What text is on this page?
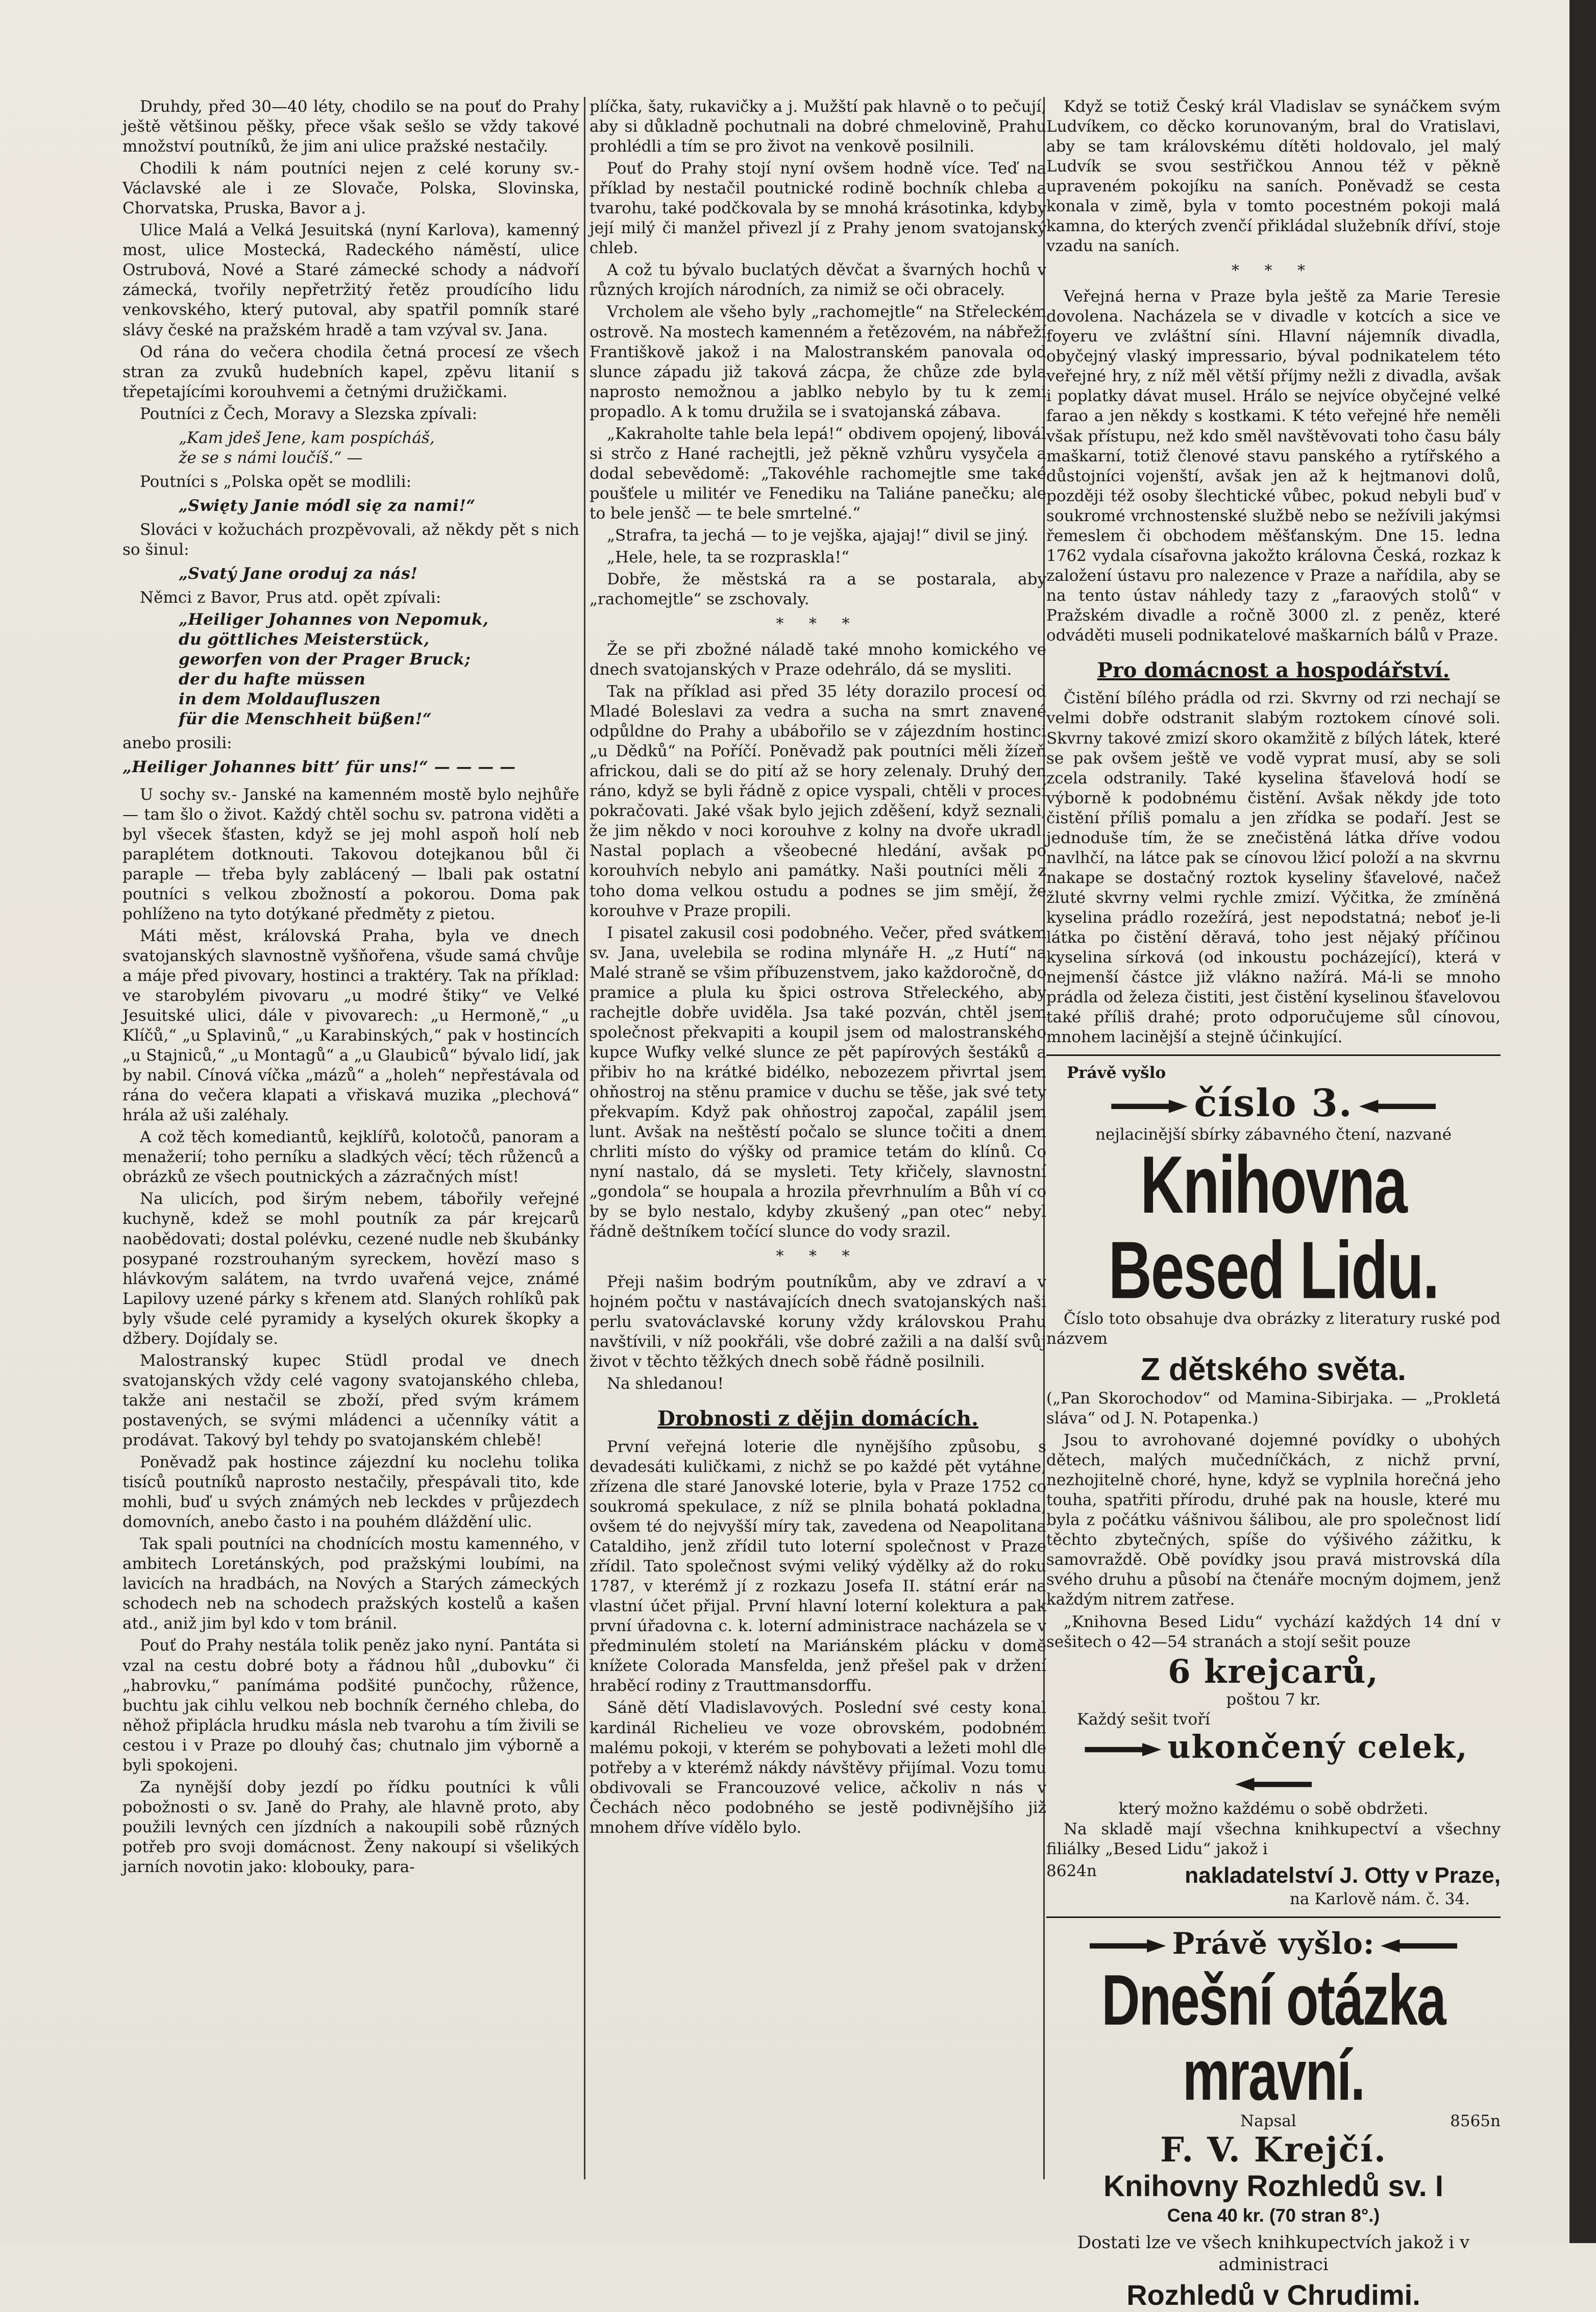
Druhdy, před 30—40 léty, chodilo se na pouť do Prahy ještě většinou pěšky, přece však sešlo se vždy takové množství poutníků, že jim ani ulice pražské nestačily.

Chodili k nám poutníci nejen z celé koruny sv.- Václavské ale i ze Slovače, Polska, Slovinska, Chorvatska, Pruska, Bavor a j.

Ulice Malá a Velká Jesuitská (nyní Karlova), kamenný most, ulice Mostecká, Radeckého náměstí, ulice Ostrubová, Nové a Staré zámecké schody a nádvoří zámecká, tvořily nepřetržitý řetěz proudícího lidu venkovského, který putoval, aby spatřil pomník staré slávy české na pražském hradě a tam vzýval sv. Jana.

Od rána do večera chodila četná procesí ze všech stran za zvuků hudebních kapel, zpěvu litanií s třepetajícími korouhvemi a četnými družičkami.

Poutníci z Čech, Moravy a Slezska zpívali:

„Kam jdeš Jene, kam pospícháš,

že se s námi loučíš.“ —

Poutníci s „Polska opět se modlili:

„Swięty Janie módl się za nami!“

Slováci v kožuchách prozpěvovali, až někdy pět s nich so šinul:

„Svatý Jane oroduj za nás!

Němci z Bavor, Prus atd. opět zpívali:

„Heiliger Johannes von Nepomuk,

du göttliches Meisterstück,

geworfen von der Prager Bruck;

der du hafte müssen

in dem Moldaufluszen

für die Menschheit büßen!“

anebo prosili:

„Heiliger Johannes bitt’ für uns!“ — — — —

U sochy sv.- Janské na kamenném mostě bylo nejhůře — tam šlo o život. Každý chtěl sochu sv. patrona viděti a byl všecek šťasten, když se jej mohl aspoň holí neb paraplétem dotknouti. Takovou dotejkanou bůl či paraple — třeba byly zablácený — lbali pak ostatní poutníci s velkou zbožností a pokorou. Doma pak pohlíženo na tyto dotýkané předměty z pietou.

Máti měst, královská Praha, byla ve dnech svatojanských slavnostně vyšňořena, všude samá chvůje a máje před pivovary, hostinci a traktéry. Tak na příklad: ve starobylém pivovaru „u modré štiky“ ve Velké Jesuitské ulici, dále v pivovarech: „u Hermoně,“ „u Klíčů,“ „u Splavinů,“ „u Karabinských,“ pak v hostincích „u Stajniců,“ „u Montagů“ a „u Glaubiců“ bývalo lidí, jak by nabil. Cínová víčka „mázů“ a „holeh“ nepřestávala od rána do večera klapati a vřiskavá muzika „plechová“ hrála až uši zaléhaly.

A což těch komediantů, kejklířů, kolotočů, panoram a menažerií; toho perníku a sladkých věcí; těch růženců a obrázků ze všech poutnických a zázračných míst!

Na ulicích, pod širým nebem, tábořily veřejné kuchyně, kdež se mohl poutník za pár krejcarů naobědovati; dostal polévku, cezené nudle neb škubánky posypané rozstrouhaným syreckem, hovězí maso s hlávkovým salátem, na tvrdo uvařená vejce, známé Lapilovy uzené párky s křenem atd. Slaných rohlíků pak byly všude celé pyramidy a kyselých okurek škopky a džbery. Dojídaly se.

Malostranský kupec Stüdl prodal ve dnech svatojanských vždy celé vagony svatojanského chleba, takže ani nestačil se zboží, před svým krámem postavených, se svými mládenci a učenníky vátit a prodávat. Takový byl tehdy po svatojanském chlebě!

Poněvadž pak hostince zájezdní ku noclehu tolika tisíců poutníků naprosto nestačily, přespávali tito, kde mohli, buď u svých známých neb leckdes v průjezdech domovních, anebo často i na pouhém dláždění ulic.

Tak spali poutníci na chodnících mostu kamenného, v ambitech Loretánských, pod pražskými loubími, na lavicích na hradbách, na Nových a Starých zámeckých schodech neb na schodech pražských kostelů a kašen atd., aniž jim byl kdo v tom bránil.

Pouť do Prahy nestála tolik peněz jako nyní. Pantáta si vzal na cestu dobré boty a řádnou hůl „dubovku“ či „habrovku,“ panímáma podšité punčochy, růžence, buchtu jak cihlu velkou neb bochník černého chleba, do něhož připlácla hrudku másla neb tvarohu a tím živili se cestou i v Praze po dlouhý čas; chutnalo jim výborně a byli spokojeni.

Za nynější doby jezdí po řídku poutníci k vůli pobožnosti o sv. Janě do Prahy, ale hlavně proto, aby použili levných cen jízdních a nakoupili sobě různých potřeb pro svoji domácnost. Ženy nakoupí si všelikých jarních novotin jako: klobouky, para-

plíčka, šaty, rukavičky a j. Mužští pak hlavně o to pečují, aby si důkladně pochutnali na dobré chmelovině, Prahu prohlédli a tím se pro život na venkově posilnili.

Pouť do Prahy stojí nyní ovšem hodně více. Teď na příklad by nestačil poutnické rodině bochník chleba a tvarohu, také podčkovala by se mnohá krásotinka, kdyby její milý či manžel přivezl jí z Prahy jenom svatojanský chleb.

A což tu bývalo buclatých děvčat a švarných hochů v různých krojích národních, za nimiž se oči obracely.

Vrcholem ale všeho byly „rachomejtle“ na Střeleckém ostrově. Na mostech kamenném a řetězovém, na nábřeží Františkově jakož i na Malostranském panovala od slunce západu již taková zácpa, že chůze zde byla naprosto nemožnou a jablko nebylo by tu k zemi propadlo. A k tomu družila se i svatojanská zábava.

„Kakraholte tahle bela lepá!“ obdivem opojený, libovál si strčo z Hané rachejtli, jež pěkně vzhůru vysyčela a dodal sebevědomě: „Takovéhle rachomejtle sme také poušťele u militér ve Fenediku na Taliáne panečku; ale to bele jenšč — te bele smrtelné.“

„Strafra, ta jechá — to je vejška, ajajaj!“ divil se jiný.

„Hele, hele, ta se rozpraskla!“

Dobře, že městská ra a se postarala, aby „rachomejtle“ se zschovaly.

* * *

Že se při zbožné náladě také mnoho komického ve dnech svatojanských v Praze odehrálo, dá se mysliti.

Tak na příklad asi před 35 léty dorazilo procesí od Mladé Boleslavi za vedra a sucha na smrt znavené odpůldne do Prahy a ubábořilo se v zájezdním hostinci „u Dědků“ na Poříčí. Poněvadž pak poutníci měli žízeň africkou, dali se do pití až se hory zelenaly. Druhý den ráno, když se byli řádně z opice vyspali, chtěli v procesí pokračovati. Jaké však bylo jejich zděšení, když seznali, že jim někdo v noci korouhve z kolny na dvoře ukradl. Nastal poplach a všeobecné hledání, avšak po korouhvích nebylo ani památky. Naši poutníci měli z toho doma velkou ostudu a podnes se jim smějí, že korouhve v Praze propili.

I pisatel zakusil cosi podobného. Večer, před svátkem sv. Jana, uvelebila se rodina mlynáře H. „z Hutí“ na Malé straně se všim příbuzenstvem, jako každoročně, do pramice a plula ku špici ostrova Střeleckého, aby rachejtle dobře uviděla. Jsa také pozván, chtěl jsem společnost překvapiti a koupil jsem od malostranského kupce Wufky velké slunce ze pět papírových šestáků a přibiv ho na krátké bidélko, nebozezem přivrtal jsem ohňostroj na stěnu pramice v duchu se těše, jak své tety překvapím. Když pak ohňostroj započal, zapálil jsem lunt. Avšak na neštěstí počalo se slunce točiti a dnem chrliti místo do výšky od pramice tetám do klínů. Co nyní nastalo, dá se mysleti. Tety křičely, slavnostní „gondola“ se houpala a hrozila převrhnulím a Bůh ví co by se bylo nestalo, kdyby zkušený „pan otec“ nebyl řádně deštníkem točící slunce do vody srazil.

* * *

Přeji našim bodrým poutníkům, aby ve zdraví a v hojném počtu v nastávajících dnech svatojanských naši perlu svatováclavské koruny vždy královskou Prahu navštívili, v níž pookřáli, vše dobré zažili a na další svůj život v těchto těžkých dnech sobě řádně posilnili.

Na shledanou!

Drobnosti z dějin domácích.

První veřejná loterie dle nynějšího způsobu, s devadesáti kuličkami, z nichž se po každé pět vytáhne, zřízena dle staré Janovské loterie, byla v Praze 1752 co soukromá spekulace, z níž se plnila bohatá pokladna, ovšem té do nejvyšší míry tak, zavedena od Neapolitana Cataldiho, jenž zřídil tuto loterní společnost v Praze zřídil. Tato společnost svými veliký výdělky až do roku 1787, v kterémž jí z rozkazu Josefa II. státní erár na vlastní účet přijal. První hlavní loterní kolektura a pak první úřadovna c. k. loterní administrace nacházela se v předminulém století na Mariánském plácku v domě knížete Colorada Mansfelda, jenž přešel pak v držení hraběcí rodiny z Trauttmansdorffu.

Sáně dětí Vladislavových. Poslední své cesty konal kardinál Richelieu ve voze obrovském, podobném malému pokoji, v kterém se pohybovati a ležeti mohl dle potřeby a v kterémž nákdy návštěvy přijímal. Vozu tomu obdivovali se Francouzové velice, ačkoliv n nás v Čechách něco podobného se jestě podivnějšího již mnohem dříve vídělo bylo.

Když se totiž Český král Vladislav se synáčkem svým Ludvíkem, co děcko korunovaným, bral do Vratislavi, aby se tam královskému dítěti holdovalo, jel malý Ludvík se svou sestřičkou Annou též v pěkně upraveném pokojíku na saních. Poněvadž se cesta konala v zimě, byla v tomto pocestném pokoji malá kamna, do kterých zvenčí přikládal služebník dříví, stoje vzadu na saních.

* * *

Veřejná herna v Praze byla ještě za Marie Teresie dovolena. Nacházela se v divadle v kotcích a sice ve foyeru ve zvláštní síni. Hlavní nájemník divadla, obyčejný vlaský impressario, býval podnikatelem této veřejné hry, z níž měl větší příjmy nežli z divadla, avšak i poplatky dávat musel. Hrálo se nejvíce obyčejné velké farao a jen někdy s kostkami. K této veřejné hře neměli však přístupu, než kdo směl navštěvovati toho času bály maškarní, totiž členové stavu panského a rytířského a důstojníci vojenští, avšak jen až k hejtmanovi dolů, později též osoby šlechtické vůbec, pokud nebyli buď v soukromé vrchnostenské službě nebo se nežívili jakýmsi řemeslem či obchodem měšťanským. Dne 15. ledna 1762 vydala císařovna jakožto královna Česká, rozkaz k založení ústavu pro nalezence v Praze a nařídila, aby se na tento ústav náhledy tazy z „faraových stolů“ v Pražském divadle a ročně 3000 zl. z peněz, které odváděti museli podnikatelové maškarních bálů v Praze.

Pro domácnost a hospodářství.

Čistění bílého prádla od rzi. Skvrny od rzi nechají se velmi dobře odstranit slabým roztokem cínové soli. Skvrny takové zmizí skoro okamžitě z bílých látek, které se pak ovšem ještě ve vodě vyprat musí, aby se soli zcela odstranily. Také kyselina šťavelová hodí se výborně k podobnému čistění. Avšak někdy jde toto čistění příliš pomalu a jen zřídka se podaří. Jest se jednoduše tím, že se znečistěná látka dříve vodou navlhčí, na látce pak se cínovou lžicí položí a na skvrnu nakape se dostačný roztok kyseliny šťavelové, načež žluté skvrny velmi rychle zmizí. Výčitka, že zmíněná kyselina prádlo rozežírá, jest nepodstatná; neboť je-li látka po čistění děravá, toho jest nějaký příčinou kyselina sírková (od inkoustu pocházející), která v nejmenší částce již vlákno nažírá. Má-li se mnoho prádla od železa čistiti, jest čistění kyselinou šťavelovou také příliš drahé; proto odporučujeme sůl cínovou, mnohem lacinější a stejně účinkující.

Právě vyšlo
číslo 3.
nejlacinější sbírky zábavného čtení, nazvané
Knihovna Besed Lidu.

Číslo toto obsahuje dva obrázky z literatury ruské pod názvem

Z dětského světa.

(„Pan Skorochodov“ od Mamina-Sibirjaka. — „Prokletá sláva“ od J. N. Potapenka.)

Jsou to avrohované dojemné povídky o ubohých dětech, malých mučedníčkách, z nichž první, nezhojitelně choré, hyne, když se vyplnila horečná jeho touha, spatřiti přírodu, druhé pak na housle, které mu byla z počátku vášnivou šálibou, ale pro společnost lidí těchto zbytečných, spíše do výšivého zážitku, k samovraždě. Obě povídky jsou pravá mistrovská díla svého druhu a působí na čtenáře mocným dojmem, jenž každým nitrem zatřese.

„Knihovna Besed Lidu“ vychází každých 14 dní v sešitech o 42—54 stranách a stojí sešit pouze

6 krejcarů,
poštou 7 kr.
Každý sešit tvoří
ukončený celek,
který možno každému o sobě obdržeti.

Na skladě mají všechna knihkupectví a všechny filiálky „Besed Lidu“ jakož i

8624n	nakladatelství J. Otty v Praze,
na Karlově nám. č. 34.
Právě vyšlo:
Dnešní otázka mravní.
Napsal	8565n
F. V. Krejčí.
Knihovny Rozhledů sv. I
Cena 40 kr. (70 stran 8°.)

Dostati lze ve všech knihkupectvích jakož i v administraci

Rozhledů v Chrudimi.
